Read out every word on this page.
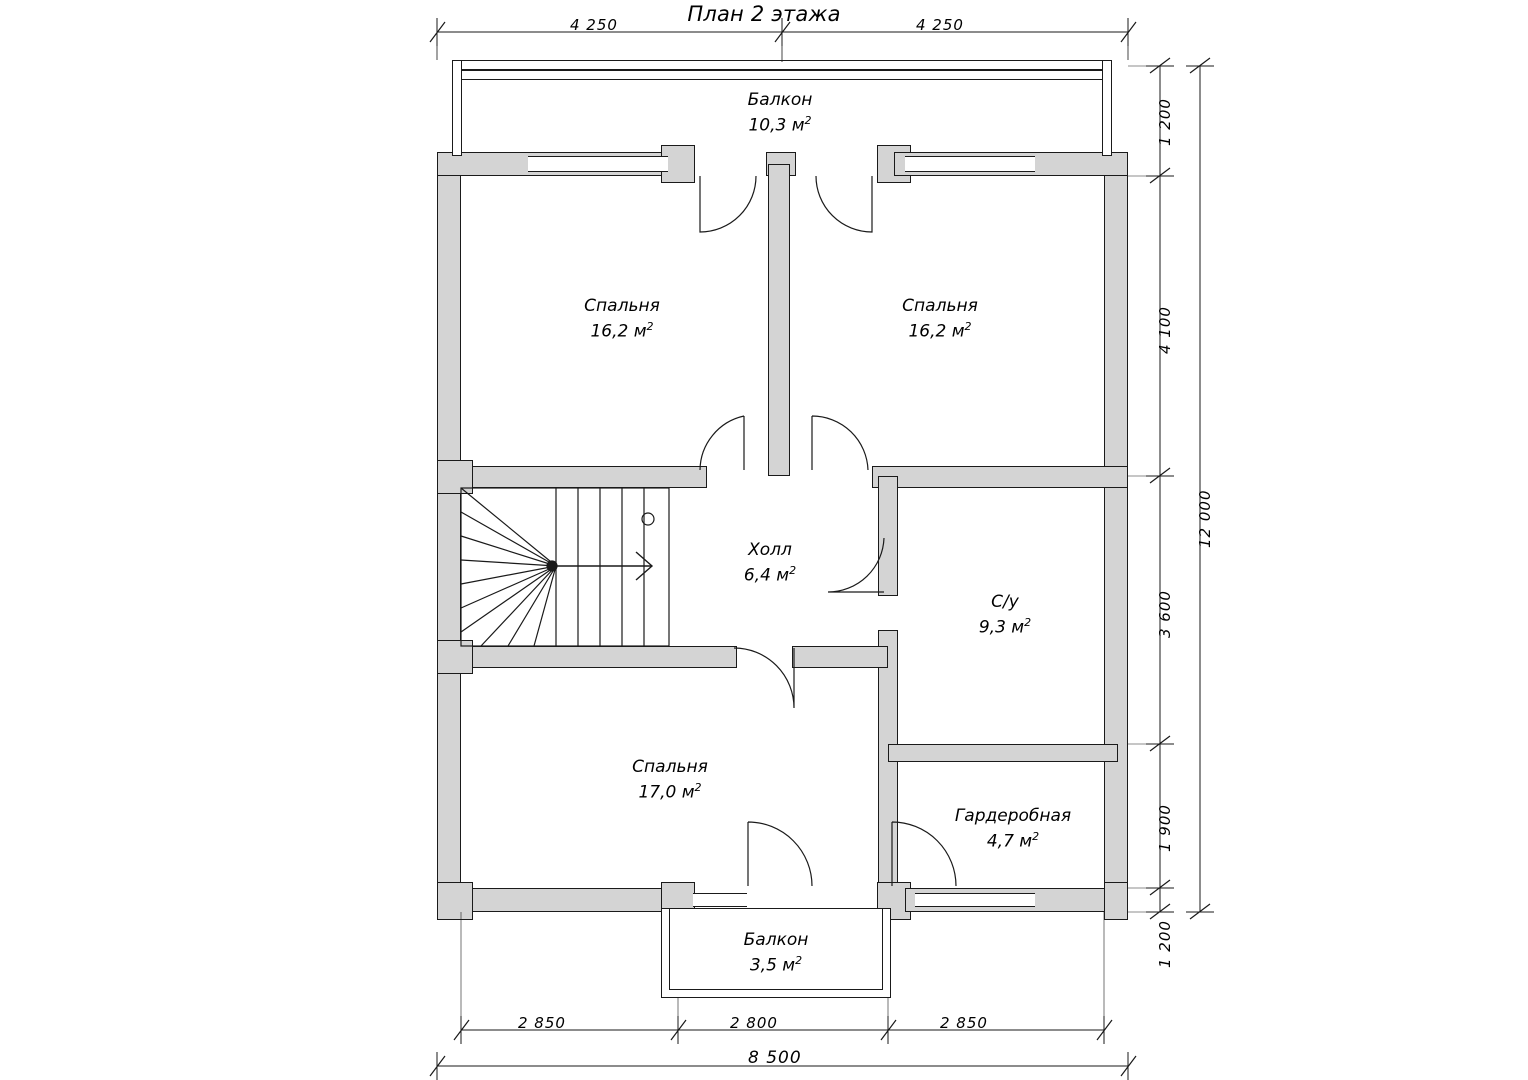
План 2 этажа
Балкон
10,3 $м^2$
Спальня
16,2 $м^2$
Спальня
16,2 $м^2$
Холл
6,4 $м^2$
С/у
9,3 $м^2$
Спальня
17,0 $м^2$
Гардеробная
4,7 $м^2$
Балкон
3,5 $м^2$
4 250	4 250
1 200
4 100
3 600
1 900
1 200
12 000
2 850	2 800	2 850
8 500
